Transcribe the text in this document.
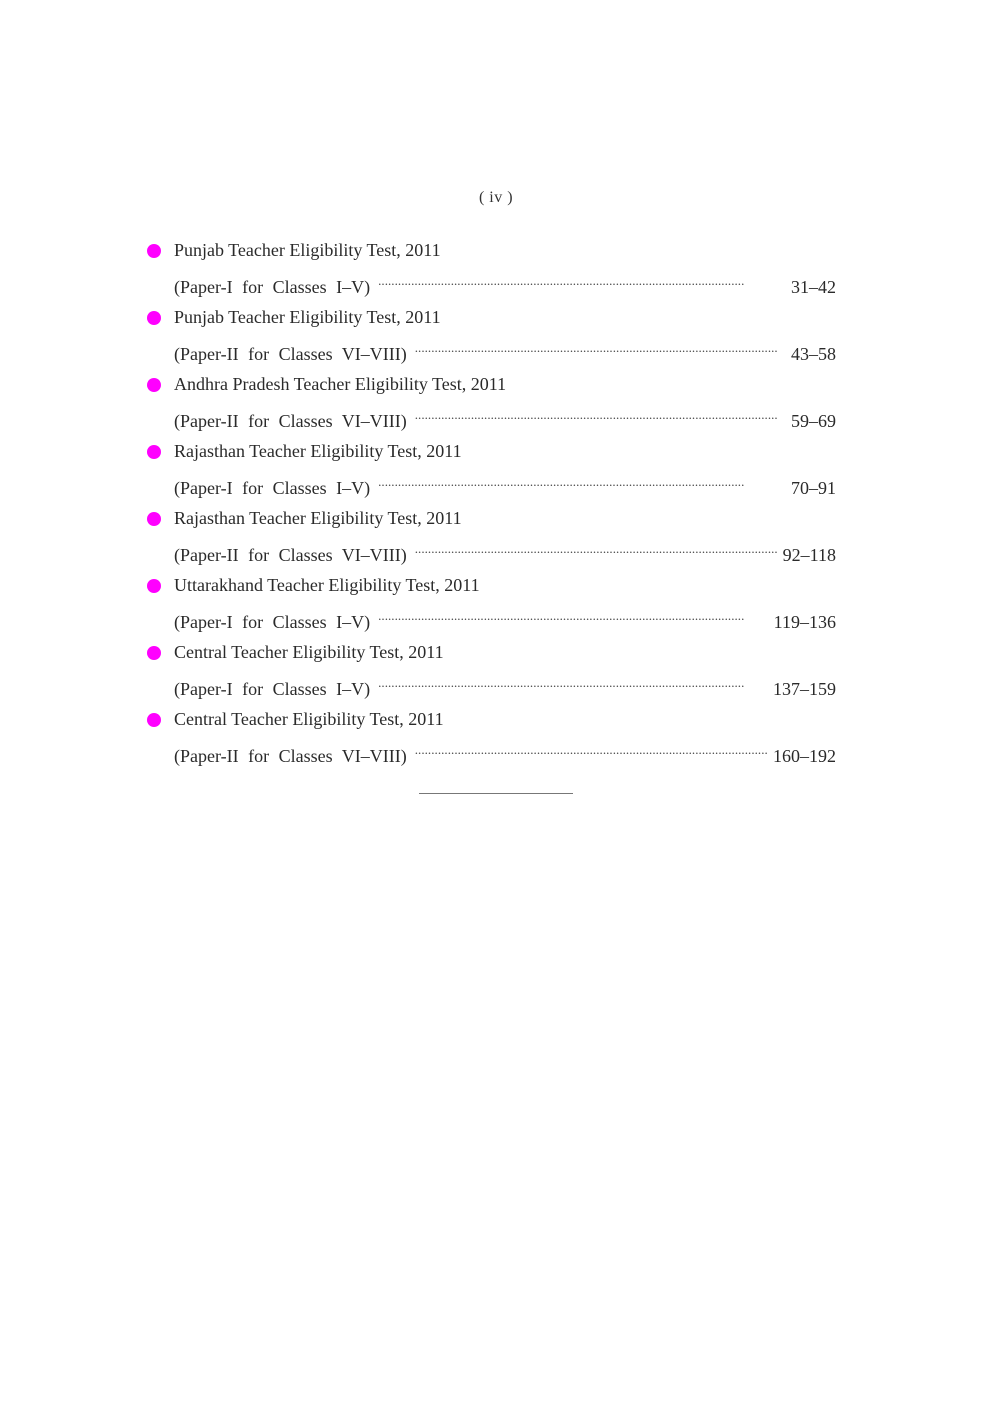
( iv )
Punjab Teacher Eligibility Test, 2011
(Paper-I for Classes I–V) . . .	31–42
Punjab Teacher Eligibility Test, 2011
(Paper-II for Classes VI–VIII) . . .	43–58
Andhra Pradesh Teacher Eligibility Test, 2011
(Paper-II for Classes VI–VIII) . . .	59–69
Rajasthan Teacher Eligibility Test, 2011
(Paper-I for Classes I–V) . . .	70–91
Rajasthan Teacher Eligibility Test, 2011
(Paper-II for Classes VI–VIII) . . .	92–118
Uttarakhand Teacher Eligibility Test, 2011
(Paper-I for Classes I–V) . . .	119–136
Central Teacher Eligibility Test, 2011
(Paper-I for Classes I–V) . . .	137–159
Central Teacher Eligibility Test, 2011
(Paper-II for Classes VI–VIII) . . .	160–192
